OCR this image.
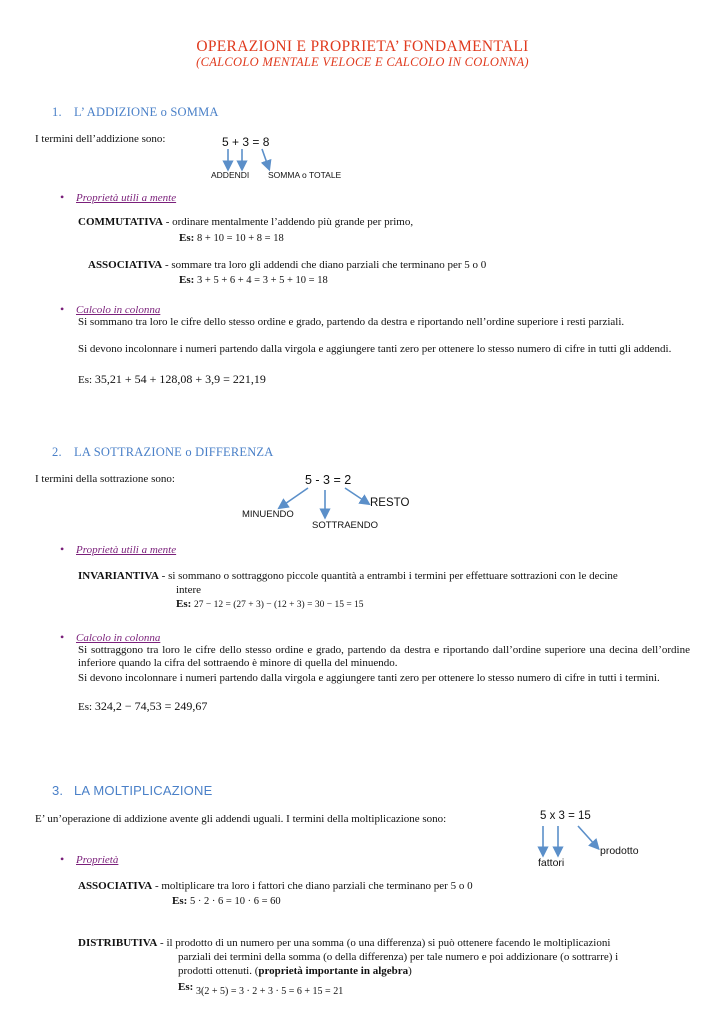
OPERAZIONI E PROPRIETA’ FONDAMENTALI
(CALCOLO MENTALE VELOCE E CALCOLO IN COLONNA)
1. L’ ADDIZIONE o SOMMA
I termini dell’addizione sono:	5 + 3 = 8
ADDENDI SOMMA o TOTALE
• Proprietà utili a mente
COMMUTATIVA - ordinare mentalmente l’addendo più grande per primo,
Es: 8 + 10 = 10 + 8 = 18
ASSOCIATIVA - sommare tra loro gli addendi che diano parziali che terminano per 5 o 0
Es: 3 + 5 + 6 + 4 = 3 + 5 + 10 = 18
• Calcolo in colonna
Si sommano tra loro le cifre dello stesso ordine e grado, partendo da destra e riportando nell’ordine superiore i resti parziali.
Si devono incolonnare i numeri partendo dalla virgola e aggiungere tanti zero per ottenere lo stesso numero di cifre in tutti gli addendi.
Es: 35,21 + 54 + 128,08 + 3,9 = 221,19
2. LA SOTTRAZIONE o DIFFERENZA
I termini della sottrazione sono:	5 - 3 = 2
MINUENDO
SOTTRAENDO
RESTO
• Proprietà utili a mente
INVARIANTIVA - si sommano o sottraggono piccole quantità a entrambi i termini per effettuare sottrazioni con le decine
intere
Es: 27 − 12 = (27 + 3) − (12 + 3) = 30 − 15 = 15
• Calcolo in colonna
Si sottraggono tra loro le cifre dello stesso ordine e grado, partendo da destra e riportando dall’ordine superiore una decina dell’ordine inferiore quando la cifra del sottraendo è minore di quella del minuendo.
Si devono incolonnare i numeri partendo dalla virgola e aggiungere tanti zero per ottenere lo stesso numero di cifre in tutti i termini.
Es: 324,2 − 74,53 = 249,67
3. LA MOLTIPLICAZIONE
E’ un’operazione di addizione avente gli addendi uguali. I termini della moltiplicazione sono:	5 x 3 = 15
fattori
prodotto
• Proprietà
ASSOCIATIVA - moltiplicare tra loro i fattori che diano parziali che terminano per 5 o 0
Es: 5 · 2 · 6 = 10 · 6 = 60
DISTRIBUTIVA - il prodotto di un numero per una somma (o una differenza) si può ottenere facendo le moltiplicazioni
parziali dei termini della somma (o della differenza) per tale numero e poi addizionare (o sottrarre) i
prodotti ottenuti. (proprietà importante in algebra)
Es: 3(2 + 5) = 3 · 2 + 3 · 5 = 6 + 15 = 21
